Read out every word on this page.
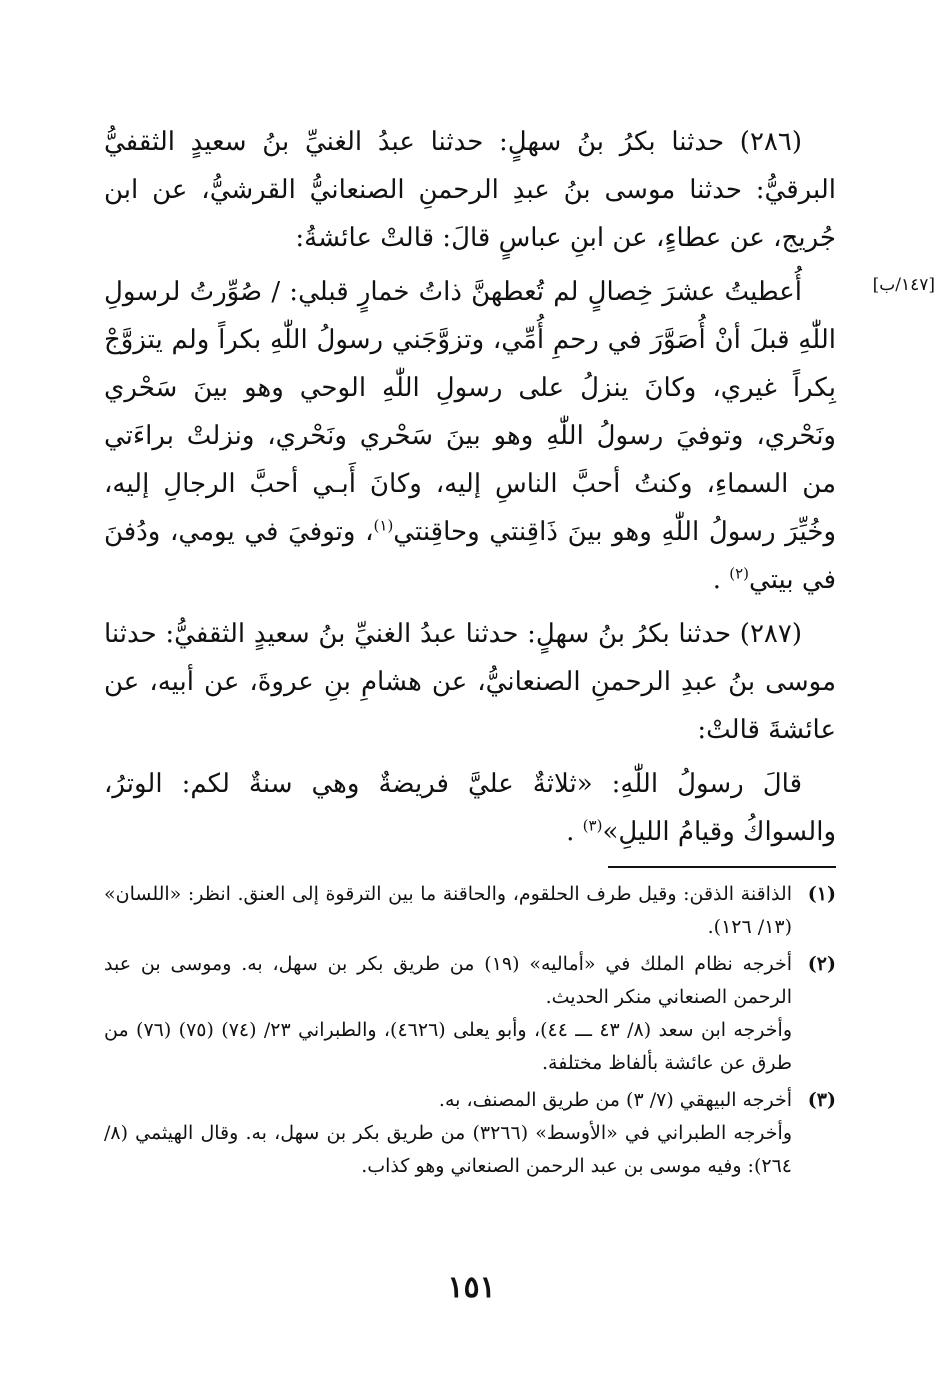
(٢٨٦) حدثنا بكرُ بنُ سهلٍ: حدثنا عبدُ الغنيِّ بنُ سعيدٍ الثقفيُّ البرقيُّ: حدثنا موسى بنُ عبدِ الرحمنِ الصنعانيُّ القرشيُّ، عن ابن جُريج، عن عطاءٍ، عن ابنِ عباسٍ قالَ: قالتْ عائشةُ:

أُعطيتُ عشرَ خِصالٍ لم تُعطهنَّ ذاتُ خمارٍ قبلي: / صُوِّرتُ لرسولِ اللّٰهِ قبلَ أنْ أُصَوَّرَ في رحمِ أُمِّي، وتزوَّجَني رسولُ اللّٰهِ بكراً ولم يتزوَّجْ بِكراً غيري، وكانَ ينزلُ على رسولِ اللّٰهِ الوحي وهو بينَ سَحْري ونَحْري، وتوفيَ رسولُ اللّٰهِ وهو بينَ سَحْري ونَحْري، ونزلتْ براءَتي من السماءِ، وكنتُ أحبَّ الناسِ إليه، وكانَ أَبـي أحبَّ الرجالِ إليه، وخُيِّرَ رسولُ اللّٰهِ وهو بينَ ذَاقِنتي وحاقِنتي$^{(١)}$، وتوفيَ في يومي، ودُفنَ في بيتي$^{(٢)}$ .

(٢٨٧) حدثنا بكرُ بنُ سهلٍ: حدثنا عبدُ الغنيِّ بنُ سعيدٍ الثقفيُّ: حدثنا موسى بنُ عبدِ الرحمنِ الصنعانيُّ، عن هشامِ بنِ عروةَ، عن أبيه، عن عائشةَ قالتْ:

قالَ رسولُ اللّٰهِ: «ثلاثةٌ عليَّ فريضةٌ وهي سنةٌ لكم: الوترُ، والسواكُ وقيامُ الليلِ»$^{(٣)}$ .

[١٤٧/ب]
(١)

الذاقنة الذقن: وقيل طرف الحلقوم، والحاقنة ما بين الترقوة إلى العنق. انظر: «اللسان» (١٣/ ١٢٦).

(٢)

أخرجه نظام الملك في «أماليه» (١٩) من طريق بكر بن سهل، به. وموسى بن عبد الرحمن الصنعاني منكر الحديث.

وأخرجه ابن سعد (٨/ ٤٣ ـــ ٤٤)، وأبو يعلى (٤٦٢٦)، والطبراني ٢٣/ (٧٤) (٧٥) (٧٦) من طرق عن عائشة بألفاظ مختلفة.

(٣)

أخرجه البيهقي (٧/ ٣) من طريق المصنف، به.

وأخرجه الطبراني في «الأوسط» (٣٢٦٦) من طريق بكر بن سهل، به. وقال الهيثمي (٨/ ٢٦٤): وفيه موسى بن عبد الرحمن الصنعاني وهو كذاب.

١٥١
